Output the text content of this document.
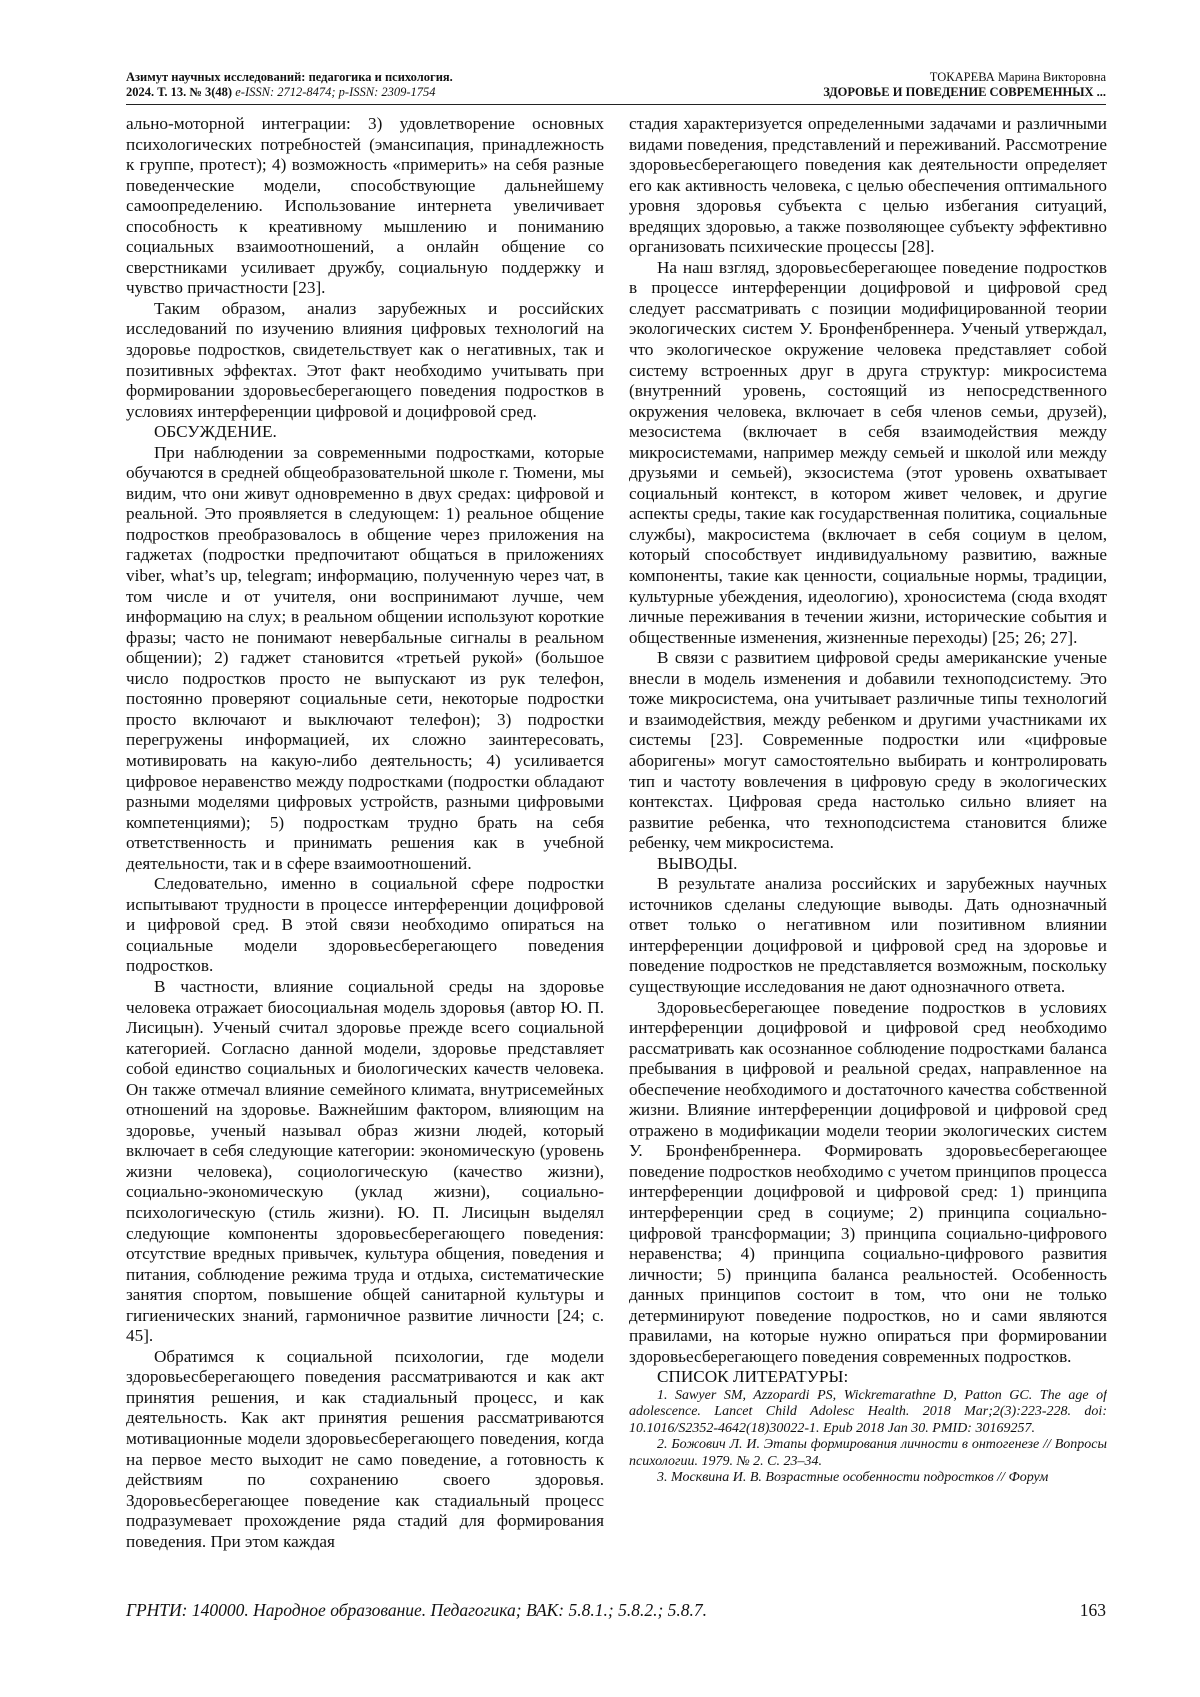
Азимут научных исследований: педагогика и психология.
2024. Т. 13. № 3(48) e-ISSN: 2712-8474; p-ISSN: 2309-1754
ТОКАРЕВА Марина Викторовна
ЗДОРОВЬЕ И ПОВЕДЕНИЕ СОВРЕМЕННЫХ ...

ально-моторной интеграции: 3) удовлетворение основных психологических потребностей (эмансипация, принадлежность к группе, протест); 4) возможность «примерить» на себя разные поведенческие модели, способствующие дальнейшему самоопределению. Использование интернета увеличивает способность к креативному мышлению и пониманию социальных взаимоотношений, а онлайн общение со сверстниками усиливает дружбу, социальную поддержку и чувство причастности [23].

Таким образом, анализ зарубежных и российских исследований по изучению влияния цифровых технологий на здоровье подростков, свидетельствует как о негативных, так и позитивных эффектах. Этот факт необходимо учитывать при формировании здоровьесберегающего поведения подростков в условиях интерференции цифровой и доцифровой сред.

ОБСУЖДЕНИЕ.

При наблюдении за современными подростками, которые обучаются в средней общеобразовательной школе г. Тюмени, мы видим, что они живут одновременно в двух средах: цифровой и реальной. Это проявляется в следующем: 1) реальное общение подростков преобразовалось в общение через приложения на гаджетах (подростки предпочитают общаться в приложениях viber, what’s up, telegram; информацию, полученную через чат, в том числе и от учителя, они воспринимают лучше, чем информацию на слух; в реальном общении используют короткие фразы; часто не понимают невербальные сигналы в реальном общении); 2) гаджет становится «третьей рукой» (большое число подростков просто не выпускают из рук телефон, постоянно проверяют социальные сети, некоторые подростки просто включают и выключают телефон); 3) подростки перегружены информацией, их сложно заинтересовать, мотивировать на какую-либо деятельность; 4) усиливается цифровое неравенство между подростками (подростки обладают разными моделями цифровых устройств, разными цифровыми компетенциями); 5) подросткам трудно брать на себя ответственность и принимать решения как в учебной деятельности, так и в сфере взаимоотношений.

Следовательно, именно в социальной сфере подростки испытывают трудности в процессе интерференции доцифровой и цифровой сред. В этой связи необходимо опираться на социальные модели здоровьесберегающего поведения подростков.

В частности, влияние социальной среды на здоровье человека отражает биосоциальная модель здоровья (автор Ю. П. Лисицын). Ученый считал здоровье прежде всего социальной категорией. Согласно данной модели, здоровье представляет собой единство социальных и биологических качеств человека. Он также отмечал влияние семейного климата, внутрисемейных отношений на здоровье. Важнейшим фактором, влияющим на здоровье, ученый называл образ жизни людей, который включает в себя следующие категории: экономическую (уровень жизни человека), социологическую (качество жизни), социально-экономическую (уклад жизни), социально-психологическую (стиль жизни). Ю. П. Лисицын выделял следующие компоненты здоровьесберегающего поведения: отсутствие вредных привычек, культура общения, поведения и питания, соблюдение режима труда и отдыха, систематические занятия спортом, повышение общей санитарной культуры и гигиенических знаний, гармоничное развитие личности [24; с. 45].

Обратимся к социальной психологии, где модели здоровьесберегающего поведения рассматриваются и как акт принятия решения, и как стадиальный процесс, и как деятельность. Как акт принятия решения рассматриваются мотивационные модели здоровьесберегающего поведения, когда на первое место выходит не само поведение, а готовность к действиям по сохранению своего здоровья. Здоровьесберегающее поведение как стадиальный процесс подразумевает прохождение ряда стадий для формирования поведения. При этом каждая

стадия характеризуется определенными задачами и различными видами поведения, представлений и переживаний. Рассмотрение здоровьесберегающего поведения как деятельности определяет его как активность человека, с целью обеспечения оптимального уровня здоровья субъекта с целью избегания ситуаций, вредящих здоровью, а также позволяющее субъекту эффективно организовать психические процессы [28].

На наш взгляд, здоровьесберегающее поведение подростков в процессе интерференции доцифровой и цифровой сред следует рассматривать с позиции модифицированной теории экологических систем У. Бронфенбреннера. Ученый утверждал, что экологическое окружение человека представляет собой систему встроенных друг в друга структур: микросистема (внутренний уровень, состоящий из непосредственного окружения человека, включает в себя членов семьи, друзей), мезосистема (включает в себя взаимодействия между микросистемами, например между семьей и школой или между друзьями и семьей), экзосистема (этот уровень охватывает социальный контекст, в котором живет человек, и другие аспекты среды, такие как государственная политика, социальные службы), макросистема (включает в себя социум в целом, который способствует индивидуальному развитию, важные компоненты, такие как ценности, социальные нормы, традиции, культурные убеждения, идеологию), хроносистема (сюда входят личные переживания в течении жизни, исторические события и общественные изменения, жизненные переходы) [25; 26; 27].

В связи с развитием цифровой среды американские ученые внесли в модель изменения и добавили техноподсистему. Это тоже микросистема, она учитывает различные типы технологий и взаимодействия, между ребенком и другими участниками их системы [23]. Современные подростки или «цифровые аборигены» могут самостоятельно выбирать и контролировать тип и частоту вовлечения в цифровую среду в экологических контекстах. Цифровая среда настолько сильно влияет на развитие ребенка, что техноподсистема становится ближе ребенку, чем микросистема.

ВЫВОДЫ.

В результате анализа российских и зарубежных научных источников сделаны следующие выводы. Дать однозначный ответ только о негативном или позитивном влиянии интерференции доцифровой и цифровой сред на здоровье и поведение подростков не представляется возможным, поскольку существующие исследования не дают однозначного ответа.

Здоровьесберегающее поведение подростков в условиях интерференции доцифровой и цифровой сред необходимо рассматривать как осознанное соблюдение подростками баланса пребывания в цифровой и реальной средах, направленное на обеспечение необходимого и достаточного качества собственной жизни. Влияние интерференции доцифровой и цифровой сред отражено в модификации модели теории экологических систем У. Бронфенбреннера. Формировать здоровьесберегающее поведение подростков необходимо с учетом принципов процесса интерференции доцифровой и цифровой сред: 1) принципа интерференции сред в социуме; 2) принципа социально-цифровой трансформации; 3) принципа социально-цифрового неравенства; 4) принципа социально-цифрового развития личности; 5) принципа баланса реальностей. Особенность данных принципов состоит в том, что они не только детерминируют поведение подростков, но и сами являются правилами, на которые нужно опираться при формировании здоровьесберегающего поведения современных подростков.

СПИСОК ЛИТЕРАТУРЫ:

1. Sawyer SM, Azzopardi PS, Wickremarathne D, Patton GC. The age of adolescence. Lancet Child Adolesc Health. 2018 Mar;2(3):223-228. doi: 10.1016/S2352-4642(18)30022-1. Epub 2018 Jan 30. PMID: 30169257.

2. Божович Л. И. Этапы формирования личности в онтогенезе // Вопросы психологии. 1979. № 2. С. 23–34.

3. Москвина И. В. Возрастные особенности подростков // Форум

ГРНТИ: 140000. Народное образование. Педагогика; ВАК: 5.8.1.; 5.8.2.; 5.8.7.	163
